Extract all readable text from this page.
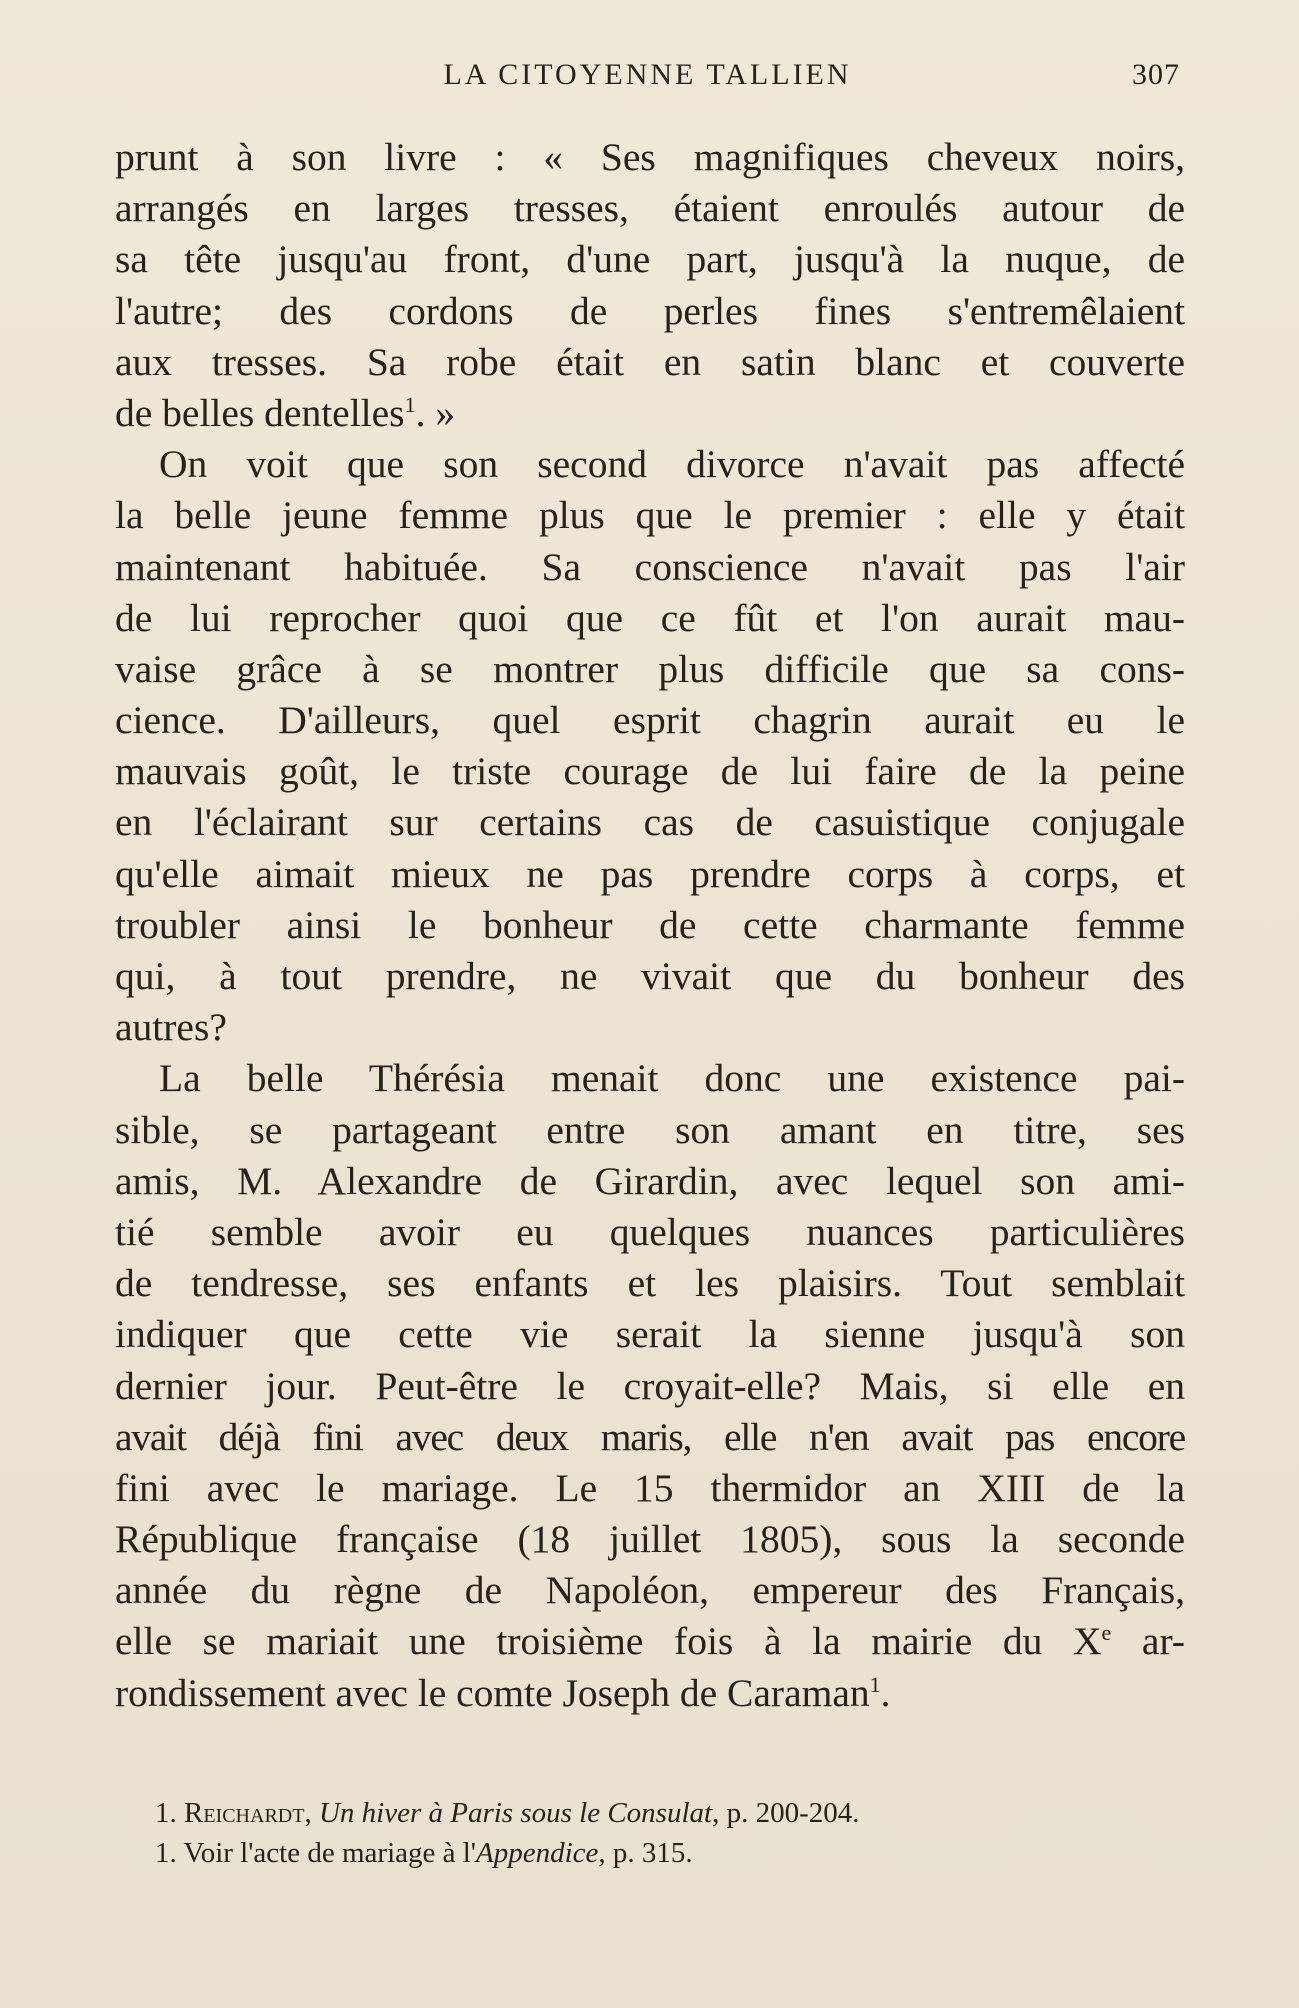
LA CITOYENNE TALLIEN	307
prunt à son livre : « Ses magnifiques cheveux noirs,
arrangés en larges tresses, étaient enroulés autour de
sa tête jusqu'au front, d'une part, jusqu'à la nuque, de
l'autre; des cordons de perles fines s'entremêlaient
aux tresses. Sa robe était en satin blanc et couverte
de belles dentelles$^1$. »
On voit que son second divorce n'avait pas affecté
la belle jeune femme plus que le premier : elle y était
maintenant habituée. Sa conscience n'avait pas l'air
de lui reprocher quoi que ce fût et l'on aurait mau-
vaise grâce à se montrer plus difficile que sa cons-
cience. D'ailleurs, quel esprit chagrin aurait eu le
mauvais goût, le triste courage de lui faire de la peine
en l'éclairant sur certains cas de casuistique conjugale
qu'elle aimait mieux ne pas prendre corps à corps, et
troubler ainsi le bonheur de cette charmante femme
qui, à tout prendre, ne vivait que du bonheur des
autres?
La belle Thérésia menait donc une existence pai-
sible, se partageant entre son amant en titre, ses
amis, M. Alexandre de Girardin, avec lequel son ami-
tié semble avoir eu quelques nuances particulières
de tendresse, ses enfants et les plaisirs. Tout semblait
indiquer que cette vie serait la sienne jusqu'à son
dernier jour. Peut-être le croyait-elle? Mais, si elle en
avait déjà fini avec deux maris, elle n'en avait pas encore
fini avec le mariage. Le 15 thermidor an XIII de la
République française (18 juillet 1805), sous la seconde
année du règne de Napoléon, empereur des Français,
elle se mariait une troisième fois à la mairie du Xe ar-
rondissement avec le comte Joseph de Caraman$^1$.
1. Reichardt, Un hiver à Paris sous le Consulat, p. 200-204.
1. Voir l'acte de mariage à l'Appendice, p. 315.
